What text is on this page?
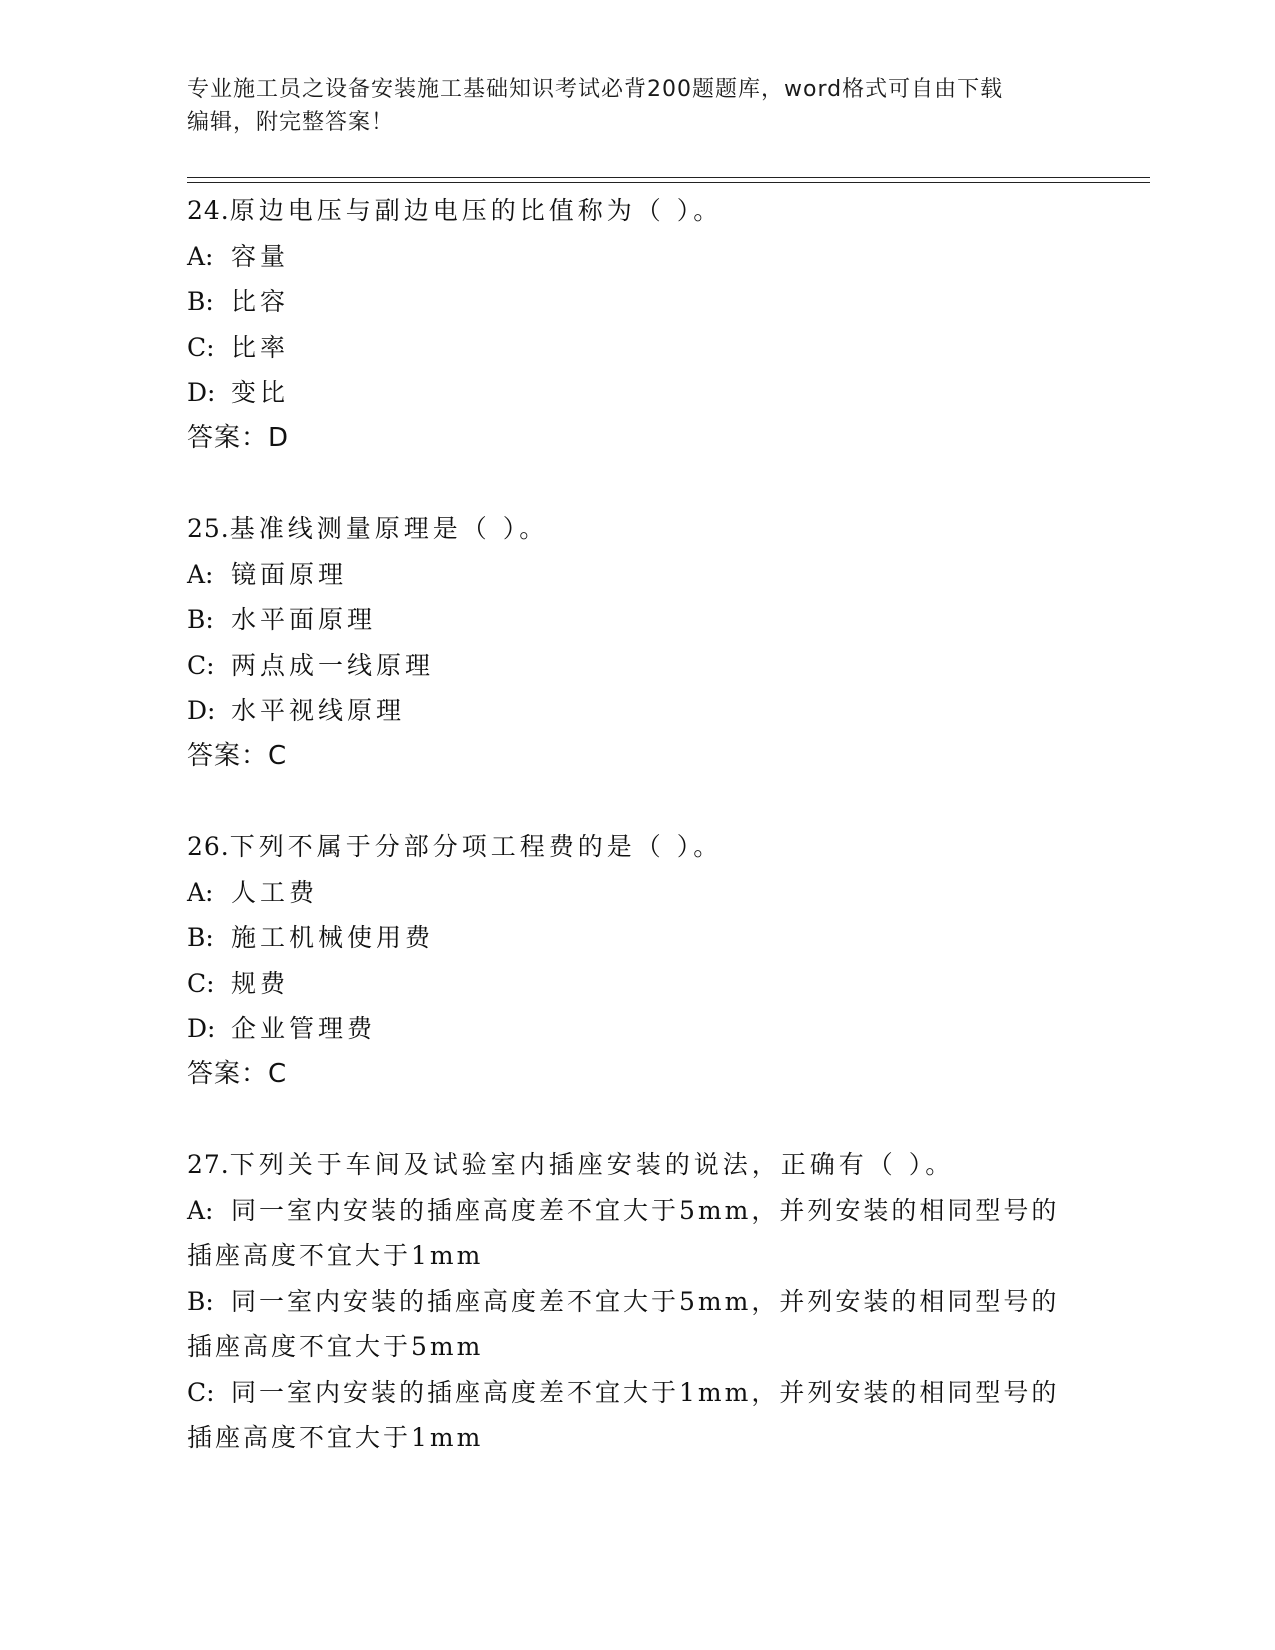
专业施工员之设备安装施工基础知识考试必背200题题库，word格式可自由下载
编辑，附完整答案！
24.原边电压与副边电压的比值称为（ ）。
A: 容量
B: 比容
C: 比率
D: 变比
答案：D
25.基准线测量原理是（ ）。
A: 镜面原理
B: 水平面原理
C: 两点成一线原理
D: 水平视线原理
答案：C
26.下列不属于分部分项工程费的是（ ）。
A: 人工费
B: 施工机械使用费
C: 规费
D: 企业管理费
答案：C
27.下列关于车间及试验室内插座安装的说法，正确有（ ）。
A: 同一室内安装的插座高度差不宜大于5mm，并列安装的相同型号的
插座高度不宜大于1mm
B: 同一室内安装的插座高度差不宜大于5mm，并列安装的相同型号的
插座高度不宜大于5mm
C: 同一室内安装的插座高度差不宜大于1mm，并列安装的相同型号的
插座高度不宜大于1mm
